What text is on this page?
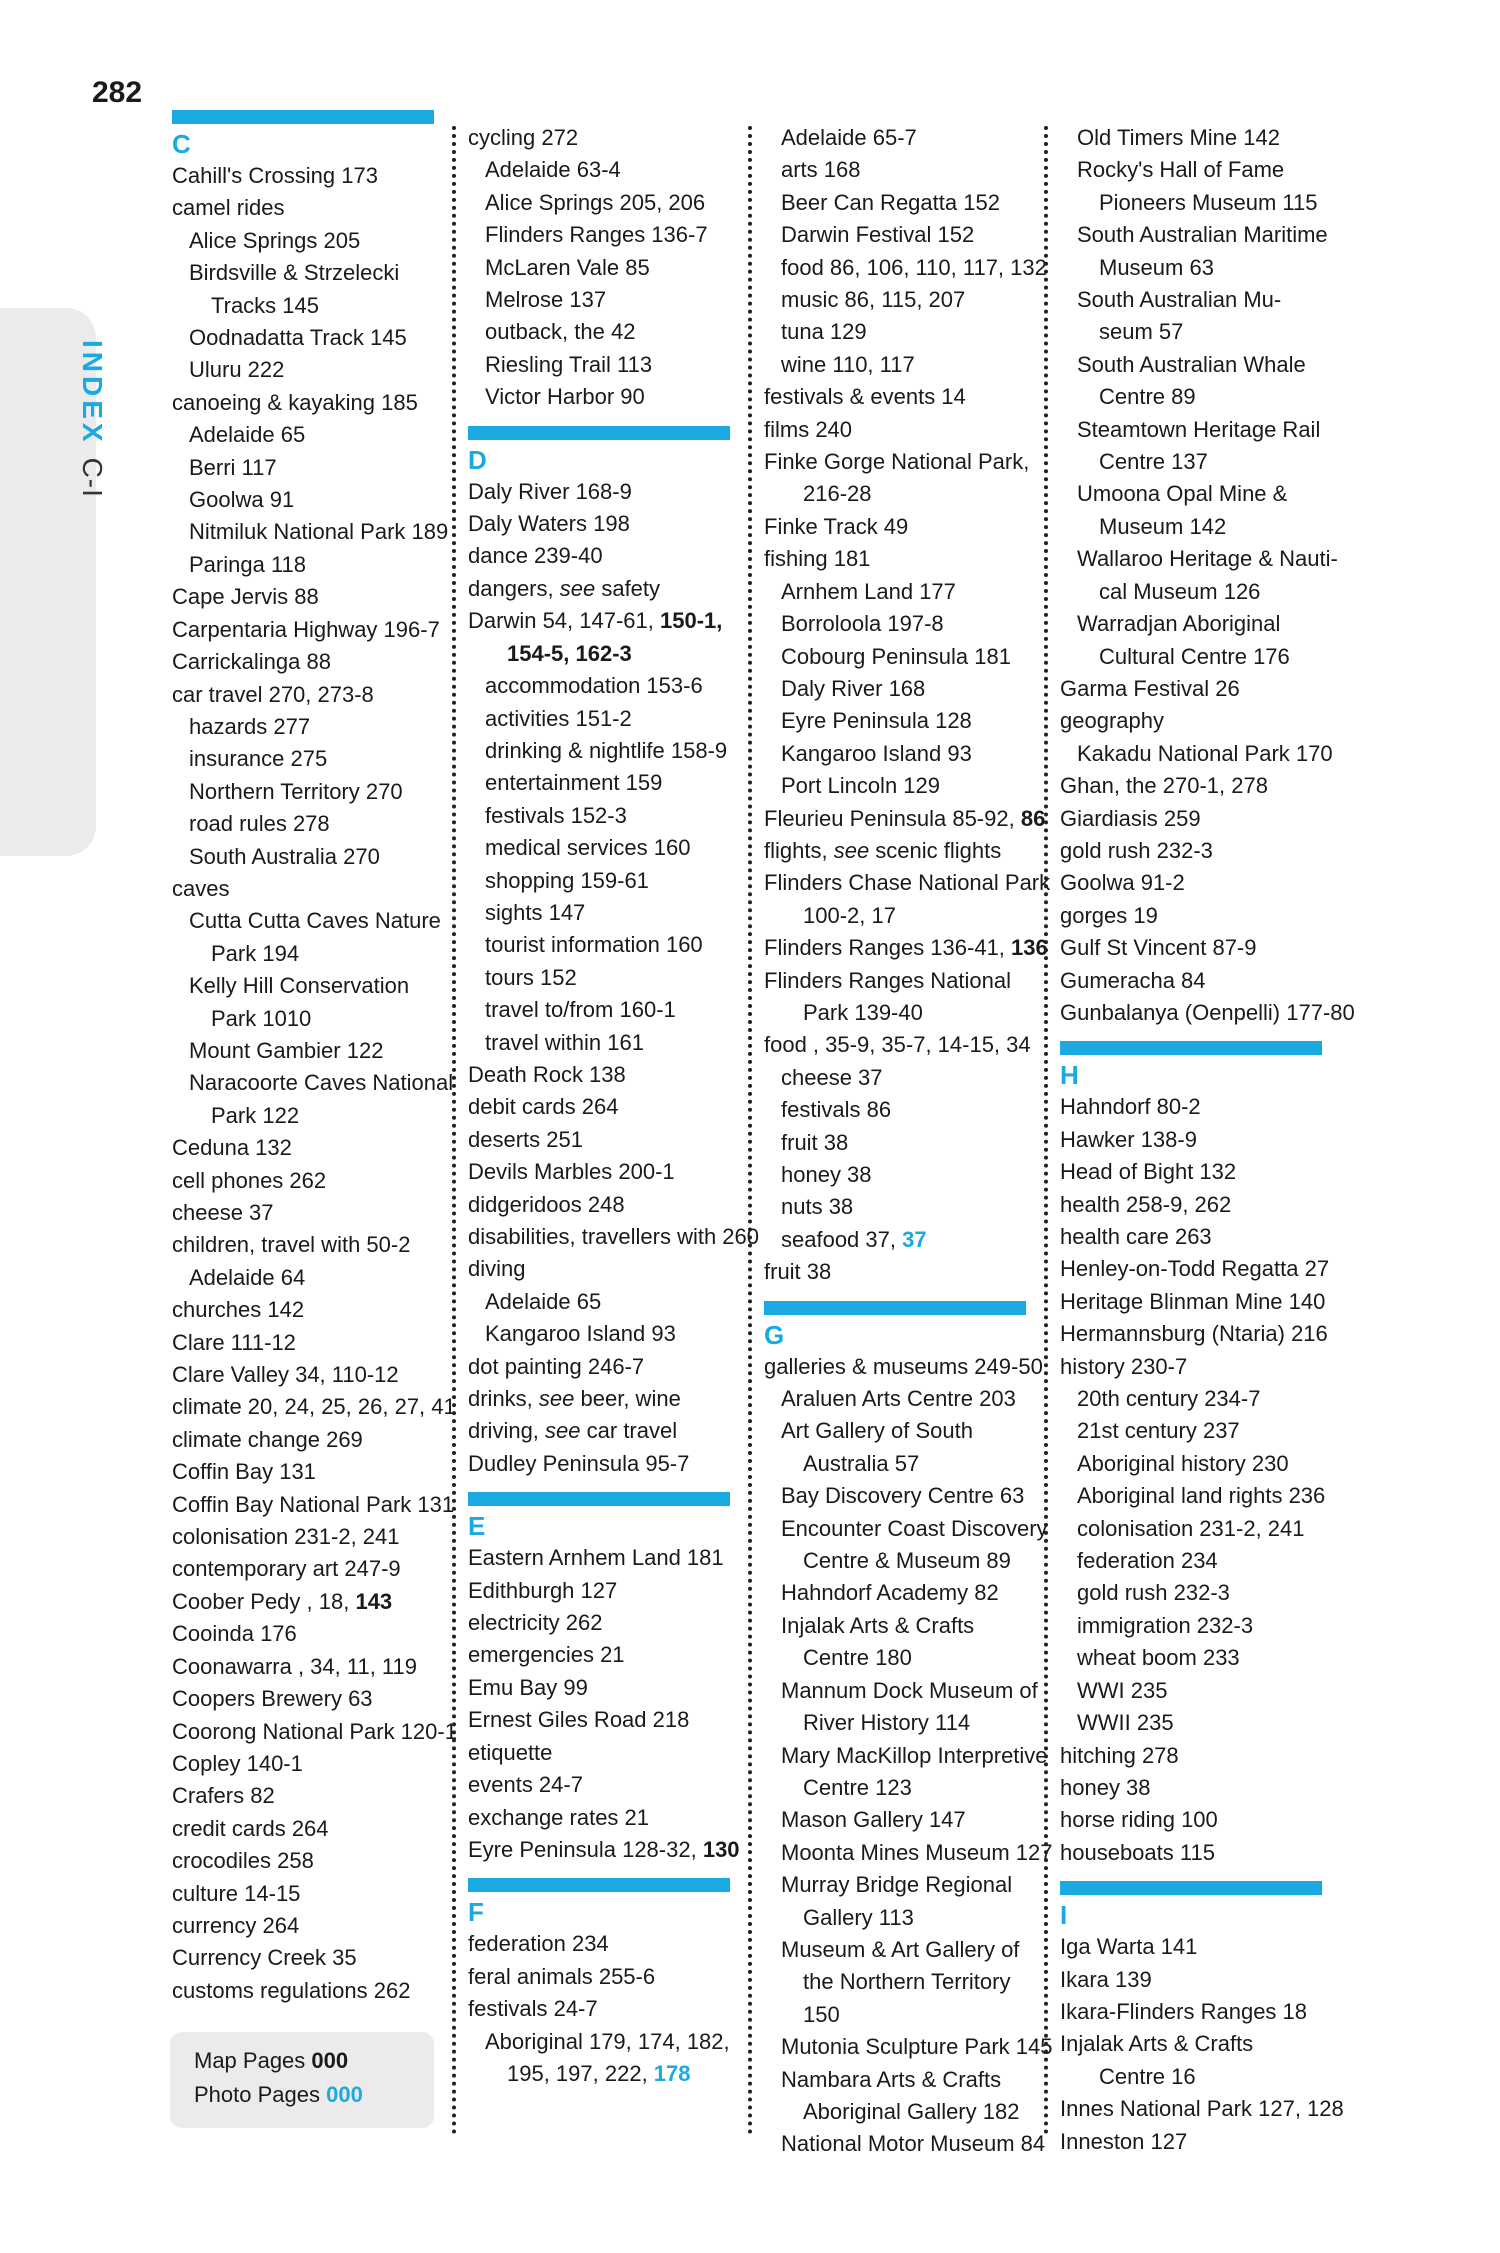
282
INDEXC-I
C
Cahill's Crossing 173
camel rides
Alice Springs 205
Birdsville & Strzelecki
Tracks 145
Oodnadatta Track 145
Uluru 222
canoeing & kayaking 185
Adelaide 65
Berri 117
Goolwa 91
Nitmiluk National Park 189
Paringa 118
Cape Jervis 88
Carpentaria Highway 196-7
Carrickalinga 88
car travel 270, 273-8
hazards 277
insurance 275
Northern Territory 270
road rules 278
South Australia 270
caves
Cutta Cutta Caves Nature
Park 194
Kelly Hill Conservation
Park 1010
Mount Gambier 122
Naracoorte Caves National
Park 122
Ceduna 132
cell phones 262
cheese 37
children, travel with 50-2
Adelaide 64
churches 142
Clare 111-12
Clare Valley 34, 110-12
climate 20, 24, 25, 26, 27, 41
climate change 269
Coffin Bay 131
Coffin Bay National Park 131
colonisation 231-2, 241
contemporary art 247-9
Coober Pedy , 18, 143
Cooinda 176
Coonawarra , 34, 11, 119
Coopers Brewery 63
Coorong National Park 120-1
Copley 140-1
Crafers 82
credit cards 264
crocodiles 258
culture 14-15
currency 264
Currency Creek 35
customs regulations 262
cycling 272
Adelaide 63-4
Alice Springs 205, 206
Flinders Ranges 136-7
McLaren Vale 85
Melrose 137
outback, the 42
Riesling Trail 113
Victor Harbor 90
D
Daly River 168-9
Daly Waters 198
dance 239-40
dangers, see safety
Darwin 54, 147-61, 150-1,
154-5, 162-3
accommodation 153-6
activities 151-2
drinking & nightlife 158-9
entertainment 159
festivals 152-3
medical services 160
shopping 159-61
sights 147
tourist information 160
tours 152
travel to/from 160-1
travel within 161
Death Rock 138
debit cards 264
deserts 251
Devils Marbles 200-1
didgeridoos 248
disabilities, travellers with 260
diving
Adelaide 65
Kangaroo Island 93
dot painting 246-7
drinks, see beer, wine
driving, see car travel
Dudley Peninsula 95-7
E
Eastern Arnhem Land 181
Edithburgh 127
electricity 262
emergencies 21
Emu Bay 99
Ernest Giles Road 218
etiquette
events 24-7
exchange rates 21
Eyre Peninsula 128-32, 130
F
federation 234
feral animals 255-6
festivals 24-7
Aboriginal 179, 174, 182,
195, 197, 222, 178
Adelaide 65-7
arts 168
Beer Can Regatta 152
Darwin Festival 152
food 86, 106, 110, 117, 132
music 86, 115, 207
tuna 129
wine 110, 117
festivals & events 14
films 240
Finke Gorge National Park,
216-28
Finke Track 49
fishing 181
Arnhem Land 177
Borroloola 197-8
Cobourg Peninsula 181
Daly River 168
Eyre Peninsula 128
Kangaroo Island 93
Port Lincoln 129
Fleurieu Peninsula 85-92, 86
flights, see scenic flights
Flinders Chase National Park
100-2, 17
Flinders Ranges 136-41, 136
Flinders Ranges National
Park 139-40
food , 35-9, 35-7, 14-15, 34
cheese 37
festivals 86
fruit 38
honey 38
nuts 38
seafood 37, 37
fruit 38
G
galleries & museums 249-50
Araluen Arts Centre 203
Art Gallery of South
Australia 57
Bay Discovery Centre 63
Encounter Coast Discovery
Centre & Museum 89
Hahndorf Academy 82
Injalak Arts & Crafts
Centre 180
Mannum Dock Museum of
River History 114
Mary MacKillop Interpretive
Centre 123
Mason Gallery 147
Moonta Mines Museum 127
Murray Bridge Regional
Gallery 113
Museum & Art Gallery of
the Northern Territory
150
Mutonia Sculpture Park 145
Nambara Arts & Crafts
Aboriginal Gallery 182
National Motor Museum 84
Old Timers Mine 142
Rocky's Hall of Fame
Pioneers Museum 115
South Australian Maritime
Museum 63
South Australian Mu-
seum 57
South Australian Whale
Centre 89
Steamtown Heritage Rail
Centre 137
Umoona Opal Mine &
Museum 142
Wallaroo Heritage & Nauti-
cal Museum 126
Warradjan Aboriginal
Cultural Centre 176
Garma Festival 26
geography
Kakadu National Park 170
Ghan, the 270-1, 278
Giardiasis 259
gold rush 232-3
Goolwa 91-2
gorges 19
Gulf St Vincent 87-9
Gumeracha 84
Gunbalanya (Oenpelli) 177-80
H
Hahndorf 80-2
Hawker 138-9
Head of Bight 132
health 258-9, 262
health care 263
Henley-on-Todd Regatta 27
Heritage Blinman Mine 140
Hermannsburg (Ntaria) 216
history 230-7
20th century 234-7
21st century 237
Aboriginal history 230
Aboriginal land rights 236
colonisation 231-2, 241
federation 234
gold rush 232-3
immigration 232-3
wheat boom 233
WWI 235
WWII 235
hitching 278
honey 38
horse riding 100
houseboats 115
I
Iga Warta 141
Ikara 139
Ikara-Flinders Ranges 18
Injalak Arts & Crafts
Centre 16
Innes National Park 127, 128
Inneston 127
Map Pages 000
Photo Pages 000
